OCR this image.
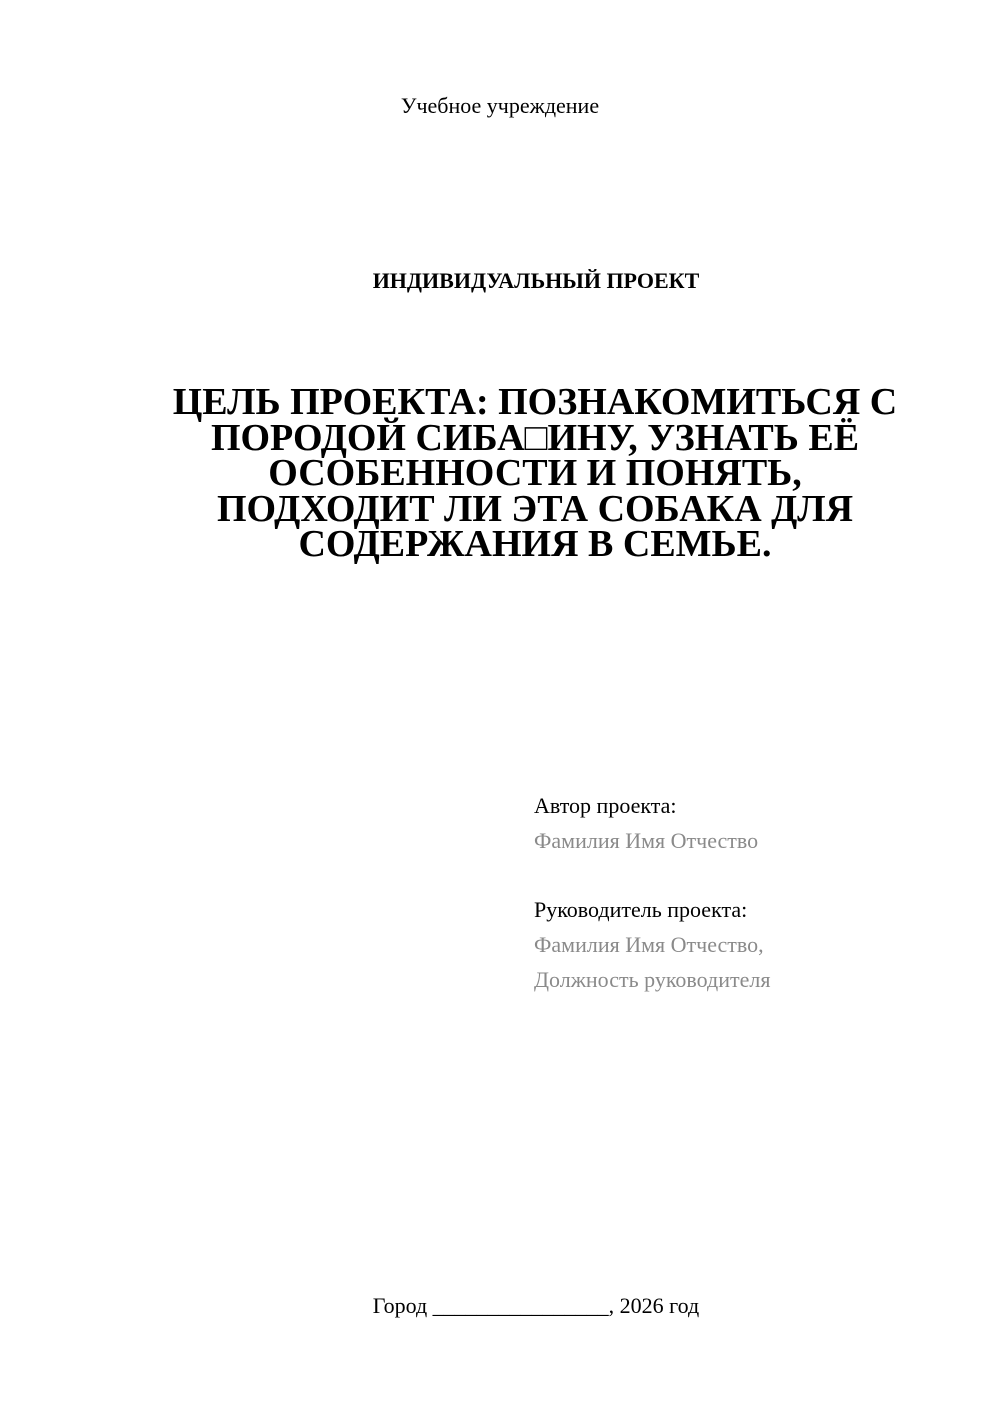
Учебное учреждение
ИНДИВИДУАЛЬНЫЙ ПРОЕКТ
ЦЕЛЬ ПРОЕКТА: ПОЗНАКОМИТЬСЯ С
ПОРОДОЙ СИБА□ИНУ, УЗНАТЬ ЕЁ
ОСОБЕННОСТИ И ПОНЯТЬ,
ПОДХОДИТ ЛИ ЭТА СОБАКА ДЛЯ
СОДЕРЖАНИЯ В СЕМЬЕ.
Автор проекта:
Фамилия Имя Отчество
Руководитель проекта:
Фамилия Имя Отчество,
Должность руководителя
Город ________________, 2026 год
